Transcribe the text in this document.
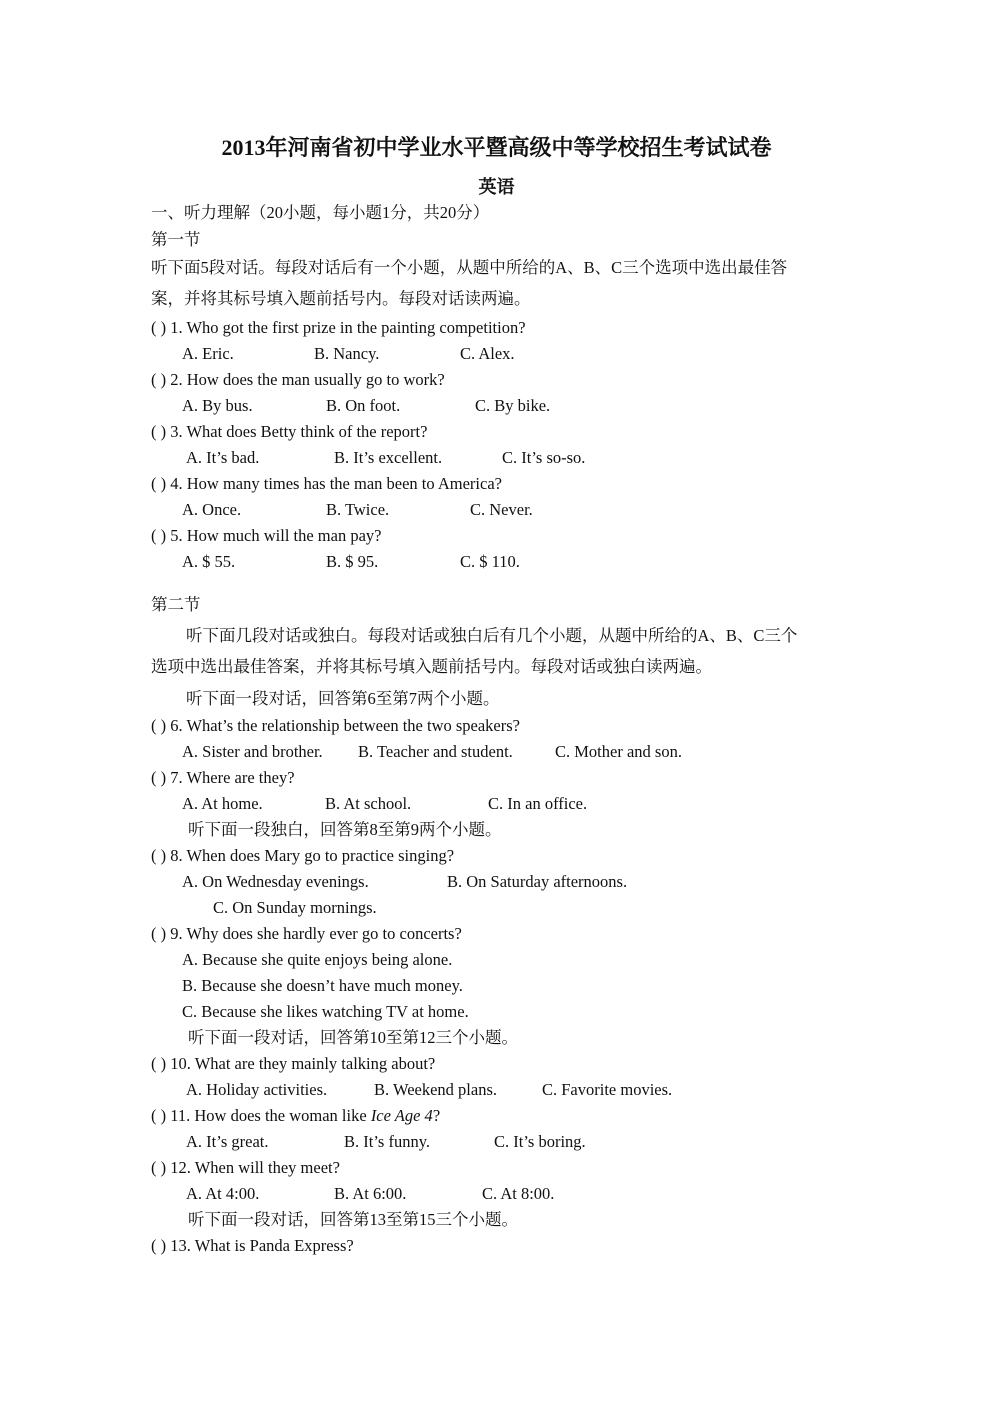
2013年河南省初中学业水平暨高级中等学校招生考试试卷
英语
一、听力理解（20小题，每小题1分，共20分）
第一节
听下面5段对话。每段对话后有一个小题，从题中所给的A、B、C三个选项中选出最佳答
案，并将其标号填入题前括号内。每段对话读两遍。
( ) 1. Who got the first prize in the painting competition?
A. Eric.	B. Nancy.	C. Alex.
( ) 2. How does the man usually go to work?
A. By bus.	B. On foot.	C. By bike.
( ) 3. What does Betty think of the report?
A. It’s bad.	B. It’s excellent.	C. It’s so-so.
( ) 4. How many times has the man been to America?
A. Once.	B. Twice.	C. Never.
( ) 5. How much will the man pay?
A. $ 55.	B. $ 95.	C. $ 110.
第二节
听下面几段对话或独白。每段对话或独白后有几个小题，从题中所给的A、B、C三个
选项中选出最佳答案，并将其标号填入题前括号内。每段对话或独白读两遍。
听下面一段对话，回答第6至第7两个小题。
( ) 6. What’s the relationship between the two speakers?
A. Sister and brother. B. Teacher and student.	C. Mother and son.
( ) 7. Where are they?
A. At home.	B. At school.	C. In an office.
听下面一段独白，回答第8至第9两个小题。
( ) 8. When does Mary go to practice singing?
A. On Wednesday evenings.	B. On Saturday afternoons.
C. On Sunday mornings.
( ) 9. Why does she hardly ever go to concerts?
A. Because she quite enjoys being alone.
B. Because she doesn’t have much money.
C. Because she likes watching TV at home.
听下面一段对话，回答第10至第12三个小题。
( ) 10. What are they mainly talking about?
A. Holiday activities.	B. Weekend plans.	C. Favorite movies.
( ) 11. How does the woman like Ice Age 4?
A. It’s great.	B. It’s funny.	C. It’s boring.
( ) 12. When will they meet?
A. At 4:00.	B. At 6:00.	C. At 8:00.
听下面一段对话，回答第13至第15三个小题。
( ) 13. What is Panda Express?
